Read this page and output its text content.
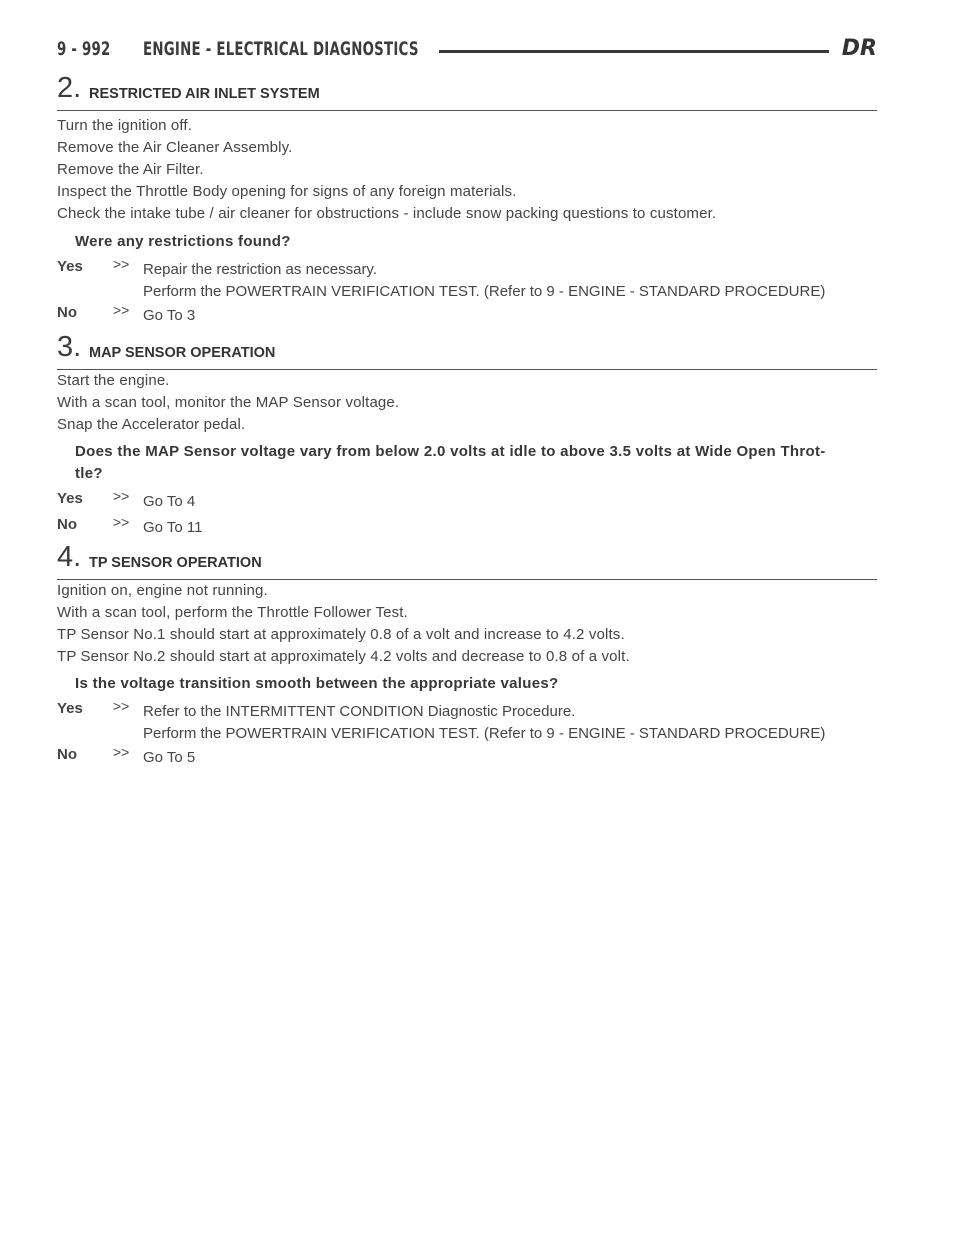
9 - 992 ENGINE - ELECTRICAL DIAGNOSTICS	DR
2 .	RESTRICTED AIR INLET SYSTEM
Turn the ignition off.
Remove the Air Cleaner Assembly.
Remove the Air Filter.
Inspect the Throttle Body opening for signs of any foreign materials.
Check the intake tube / air cleaner for obstructions - include snow packing questions to customer.
Were any restrictions found?
Yes >> Repair the restriction as necessary.
Perform the POWERTRAIN VERIFICATION TEST. (Refer to 9 - ENGINE - STANDARD PROCEDURE)
No	>> Go To 3
3 .	MAP SENSOR OPERATION
Start the engine.
With a scan tool, monitor the MAP Sensor voltage.
Snap the Accelerator pedal.
Does the MAP Sensor voltage vary from below 2.0 volts at idle to above 3.5 volts at Wide Open Throt-
tle?
Yes >> Go To 4
No	>> Go To 11
4 .	TP SENSOR OPERATION
Ignition on, engine not running.
With a scan tool, perform the Throttle Follower Test.
TP Sensor No.1 should start at approximately 0.8 of a volt and increase to 4.2 volts.
TP Sensor No.2 should start at approximately 4.2 volts and decrease to 0.8 of a volt.
Is the voltage transition smooth between the appropriate values?
Yes >> Refer to the INTERMITTENT CONDITION Diagnostic Procedure.
Perform the POWERTRAIN VERIFICATION TEST. (Refer to 9 - ENGINE - STANDARD PROCEDURE)
No	>> Go To 5
